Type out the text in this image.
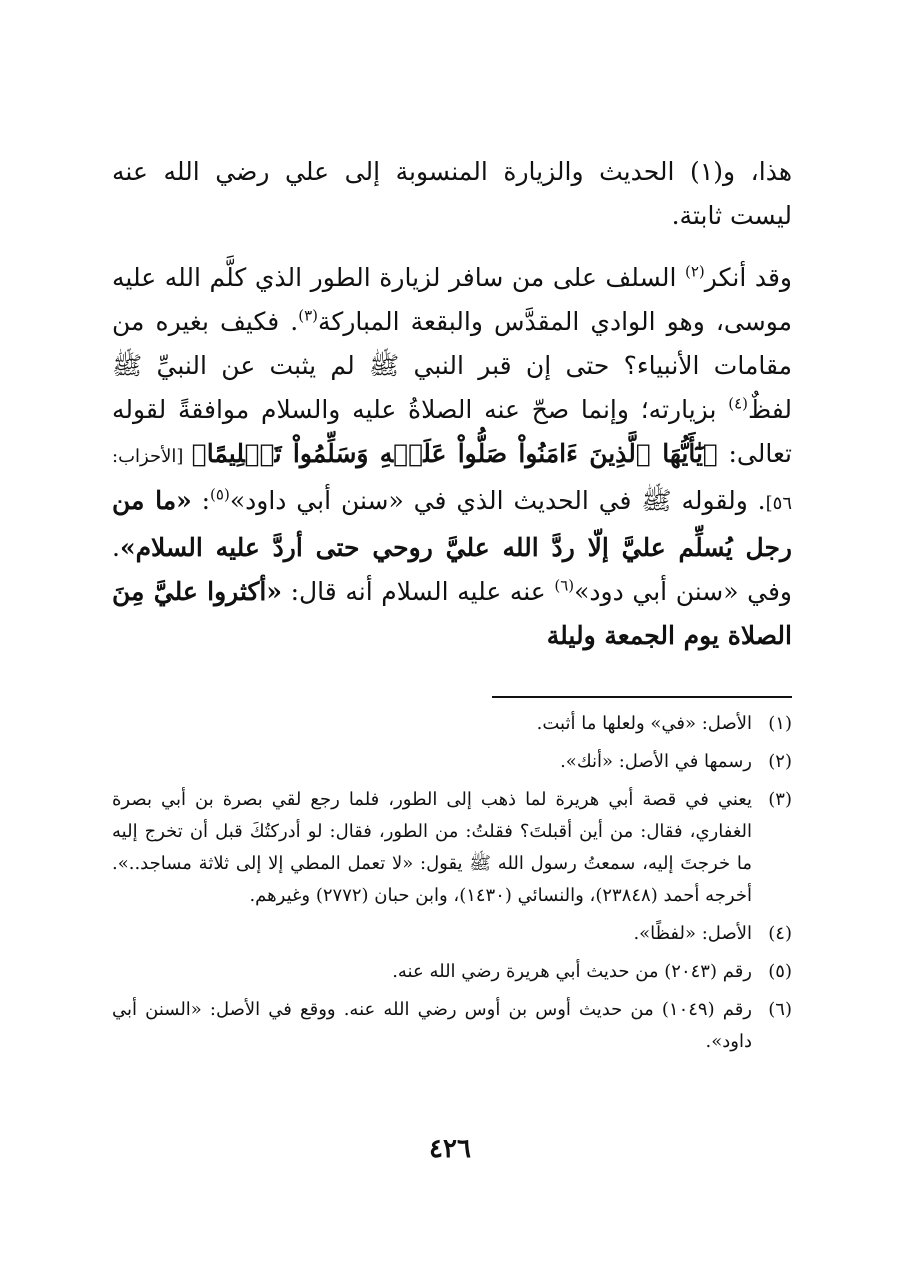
هذا، و(١) الحديث والزيارة المنسوبة إلى علي رضي الله عنه ليست ثابتة.

وقد أنكر$^{(٢)}$ السلف على من سافر لزيارة الطور الذي كلَّم الله عليه موسى، وهو الوادي المقدَّس والبقعة المباركة$^{(٣)}$. فكيف بغيره من مقامات الأنبياء؟ حتى إن قبر النبي ﷺ لم يثبت عن النبيِّ ﷺ لفظٌ$^{(٤)}$ بزيارته؛ وإنما صحّ عنه الصلاةُ عليه والسلام موافقةً لقوله تعالى: ﴿يَٰٓأَيُّهَا ٱلَّذِينَ ءَامَنُواْ صَلُّواْ عَلَيۡهِ وَسَلِّمُواْ تَسۡلِيمًا﴾ [الأحزاب: ٥٦]. ولقوله ﷺ في الحديث الذي في «سنن أبي داود»$^{(٥)}$: «ما من رجل يُسلِّم عليَّ إلّا ردَّ الله عليَّ روحي حتى أردَّ عليه السلام». وفي «سنن أبي دود»$^{(٦)}$ عنه عليه السلام أنه قال: «أكثروا عليَّ مِنَ الصلاة يوم الجمعة وليلة

(١)
الأصل: «في» ولعلها ما أثبت.
(٢)
رسمها في الأصل: «أنك».
(٣)
يعني في قصة أبي هريرة لما ذهب إلى الطور، فلما رجع لقي بصرة بن أبي بصرة الغفاري، فقال: من أين أقبلتَ؟ فقلتُ: من الطور، فقال: لو أدركتُكَ قبل أن تخرج إليه ما خرجتَ إليه، سمعتُ رسول الله ﷺ يقول: «لا تعمل المطي إلا إلى ثلاثة مساجد..». أخرجه أحمد (٢٣٨٤٨)، والنسائي (١٤٣٠)، وابن حبان (٢٧٧٢) وغيرهم.
(٤)
الأصل: «لفظًا».
(٥)
رقم (٢٠٤٣) من حديث أبي هريرة رضي الله عنه.
(٦)
رقم (١٠٤٩) من حديث أوس بن أوس رضي الله عنه. ووقع في الأصل: «السنن أبي داود».
٤٢٦
